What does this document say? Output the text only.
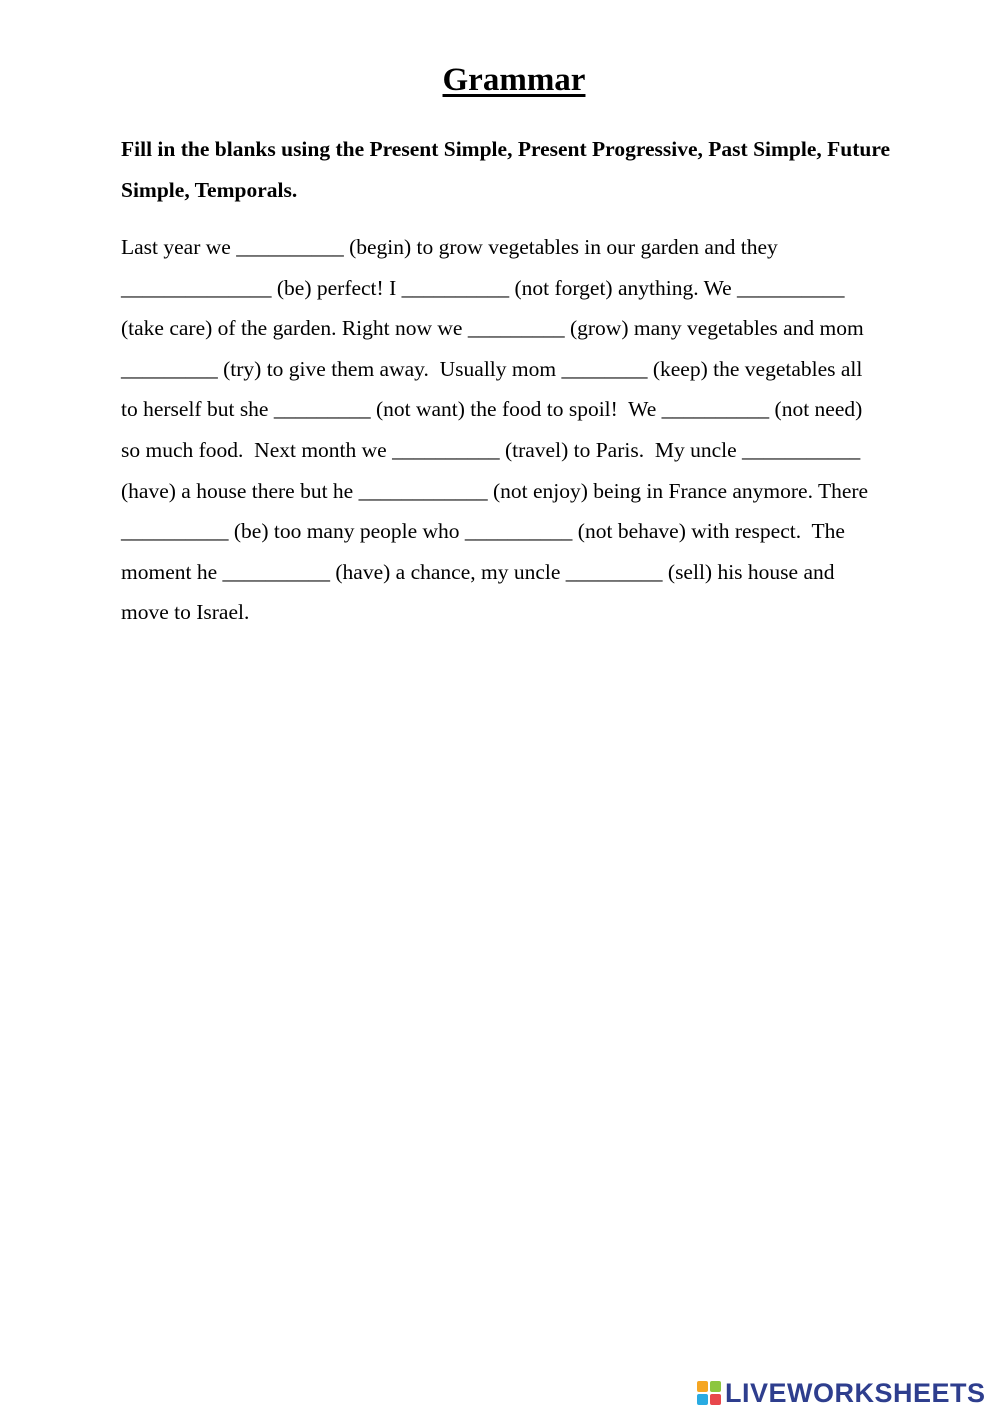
Grammar

Fill in the blanks using the Present Simple, Present Progressive, Past Simple, Future Simple, Temporals.

Last year we __________ (begin) to grow vegetables in our garden and they
______________ (be) perfect! I __________ (not forget) anything. We __________
(take care) of the garden. Right now we _________ (grow) many vegetables and mom
_________ (try) to give them away.  Usually mom ________ (keep) the vegetables all
to herself but she _________ (not want) the food to spoil!  We __________ (not need)
so much food.  Next month we __________ (travel) to Paris.  My uncle ___________
(have) a house there but he ____________ (not enjoy) being in France anymore. There
__________ (be) too many people who __________ (not behave) with respect.  The
moment he __________ (have) a chance, my uncle _________ (sell) his house and
move to Israel.
LIVEWORKSHEETS
